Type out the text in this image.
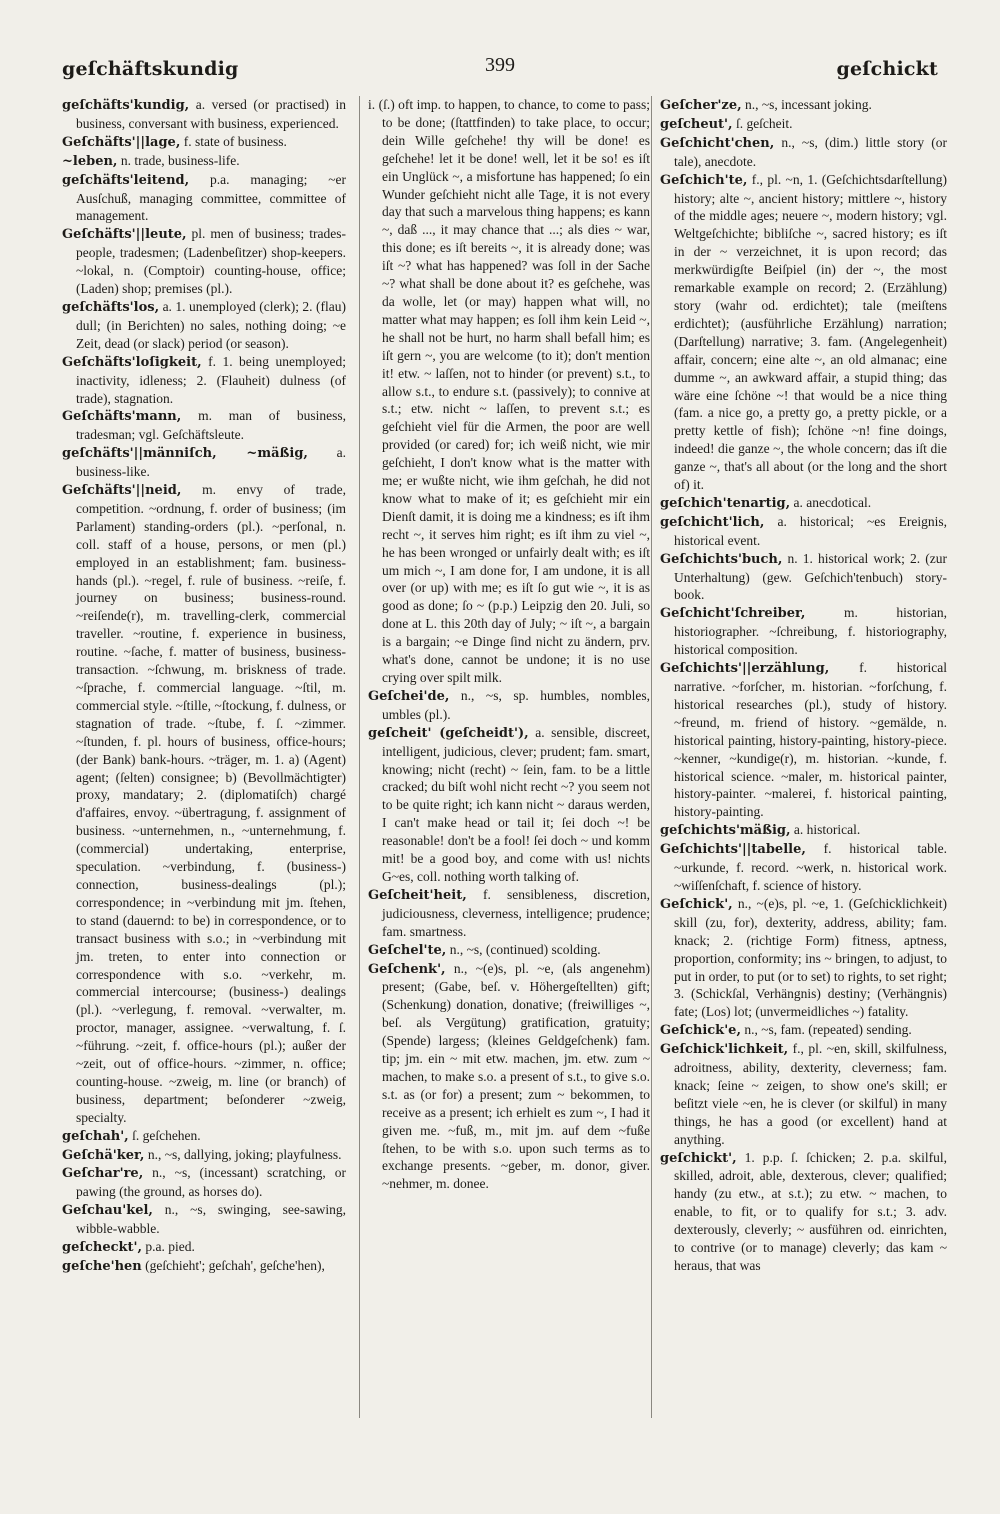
geſchäftskundig	399	geſchickt

geſchäfts'kundig, a. versed (or practised) in business, conversant with business, experienced.

Geſchäfts'||lage, f. state of business.

~leben, n. trade, business-life.

geſchäfts'leitend, p.a. managing; ~er Ausſchuß, managing committee, committee of management.

Geſchäfts'||leute, pl. men of business; trades-people, tradesmen; (Ladenbeſitzer) shop-keepers. ~lokal, n. (Comptoir) counting-house, office; (Laden) shop; premises (pl.).

geſchäfts'los, a. 1. unemployed (clerk); 2. (flau) dull; (in Berichten) no sales, nothing doing; ~e Zeit, dead (or slack) period (or season).

Geſchäfts'loſigkeit, f. 1. being unemployed; inactivity, idleness; 2. (Flauheit) dulness (of trade), stagnation.

Geſchäfts'mann, m. man of business, tradesman; vgl. Geſchäftsleute.

geſchäfts'||männiſch, ~mäßig, a. business-like.

Geſchäfts'||neid, m. envy of trade, competition. ~ordnung, f. order of business; (im Parlament) standing-orders (pl.). ~perſonal, n. coll. staff of a house, persons, or men (pl.) employed in an establishment; fam. business-hands (pl.). ~regel, f. rule of business. ~reiſe, f. journey on business; business-round. ~reiſende(r), m. travelling-clerk, commercial traveller. ~routine, f. experience in business, routine. ~ſache, f. matter of business, business-transaction. ~ſchwung, m. briskness of trade. ~ſprache, f. commercial language. ~ſtil, m. commercial style. ~ſtille, ~ſtockung, f. dulness, or stagnation of trade. ~ſtube, f. ſ. ~zimmer. ~ſtunden, f. pl. hours of business, office-hours; (der Bank) bank-hours. ~träger, m. 1. a) (Agent) agent; (ſelten) consignee; b) (Bevollmächtigter) proxy, mandatary; 2. (diplomatiſch) chargé d'affaires, envoy. ~übertragung, f. assignment of business. ~unternehmen, n., ~unternehmung, f. (commercial) undertaking, enterprise, speculation. ~verbindung, f. (business-) connection, business-dealings (pl.); correspondence; in ~verbindung mit jm. ſtehen, to stand (dauernd: to be) in correspondence, or to transact business with s.o.; in ~verbindung mit jm. treten, to enter into connection or correspondence with s.o. ~verkehr, m. commercial intercourse; (business-) dealings (pl.). ~verlegung, f. removal. ~verwalter, m. proctor, manager, assignee. ~verwaltung, f. ſ. ~führung. ~zeit, f. office-hours (pl.); außer der ~zeit, out of office-hours. ~zimmer, n. office; counting-house. ~zweig, m. line (or branch) of business, department; beſonderer ~zweig, specialty.

geſchah', ſ. geſchehen.

Geſchä'ker, n., ~s, dallying, joking; playfulness.

Geſchar're, n., ~s, (incessant) scratching, or pawing (the ground, as horses do).

Geſchau'kel, n., ~s, swinging, see-sawing, wibble-wabble.

geſcheckt', p.a. pied.

geſche'hen (geſchieht'; geſchah', geſche'hen),

i. (ſ.) oft imp. to happen, to chance, to come to pass; to be done; (ſtattfinden) to take place, to occur; dein Wille geſchehe! thy will be done! es geſchehe! let it be done! well, let it be so! es iſt ein Unglück ~, a misfortune has happened; ſo ein Wunder geſchieht nicht alle Tage, it is not every day that such a marvelous thing happens; es kann ~, daß ..., it may chance that ...; als dies ~ war, this done; es iſt bereits ~, it is already done; was iſt ~? what has happened? was ſoll in der Sache ~? what shall be done about it? es geſchehe, was da wolle, let (or may) happen what will, no matter what may happen; es ſoll ihm kein Leid ~, he shall not be hurt, no harm shall befall him; es iſt gern ~, you are welcome (to it); don't mention it! etw. ~ laſſen, not to hinder (or prevent) s.t., to allow s.t., to endure s.t. (passively); to connive at s.t.; etw. nicht ~ laſſen, to prevent s.t.; es geſchieht viel für die Armen, the poor are well provided (or cared) for; ich weiß nicht, wie mir geſchieht, I don't know what is the matter with me; er wußte nicht, wie ihm geſchah, he did not know what to make of it; es geſchieht mir ein Dienſt damit, it is doing me a kindness; es iſt ihm recht ~, it serves him right; es iſt ihm zu viel ~, he has been wronged or unfairly dealt with; es iſt um mich ~, I am done for, I am undone, it is all over (or up) with me; es iſt ſo gut wie ~, it is as good as done; ſo ~ (p.p.) Leipzig den 20. Juli, so done at L. this 20th day of July; ~ iſt ~, a bargain is a bargain; ~e Dinge ſind nicht zu ändern, prv. what's done, cannot be undone; it is no use crying over spilt milk.

Geſchei'de, n., ~s, sp. humbles, nombles, umbles (pl.).

geſcheit' (geſcheidt'), a. sensible, discreet, intelligent, judicious, clever; prudent; fam. smart, knowing; nicht (recht) ~ ſein, fam. to be a little cracked; du biſt wohl nicht recht ~? you seem not to be quite right; ich kann nicht ~ daraus werden, I can't make head or tail it; ſei doch ~! be reasonable! don't be a fool! ſei doch ~ und komm mit! be a good boy, and come with us! nichts G~es, coll. nothing worth talking of.

Geſcheit'heit, f. sensibleness, discretion, judiciousness, cleverness, intelligence; prudence; fam. smartness.

Geſchel'te, n., ~s, (continued) scolding.

Geſchenk', n., ~(e)s, pl. ~e, (als angenehm) present; (Gabe, beſ. v. Höhergeſtellten) gift; (Schenkung) donation, donative; (freiwilliges ~, beſ. als Vergütung) gratification, gratuity; (Spende) largess; (kleines Geldgeſchenk) fam. tip; jm. ein ~ mit etw. machen, jm. etw. zum ~ machen, to make s.o. a present of s.t., to give s.o. s.t. as (or for) a present; zum ~ bekommen, to receive as a present; ich erhielt es zum ~, I had it given me. ~fuß, m., mit jm. auf dem ~fuße ſtehen, to be with s.o. upon such terms as to exchange presents. ~geber, m. donor, giver. ~nehmer, m. donee.

Geſcher'ze, n., ~s, incessant joking.

geſcheut', ſ. geſcheit.

Geſchicht'chen, n., ~s, (dim.) little story (or tale), anecdote.

Geſchich'te, f., pl. ~n, 1. (Geſchichtsdarſtellung) history; alte ~, ancient history; mittlere ~, history of the middle ages; neuere ~, modern history; vgl. Weltgeſchichte; bibliſche ~, sacred history; es iſt in der ~ verzeichnet, it is upon record; das merkwürdigſte Beiſpiel (in) der ~, the most remarkable example on record; 2. (Erzählung) story (wahr od. erdichtet); tale (meiſtens erdichtet); (ausführliche Erzählung) narration; (Darſtellung) narrative; 3. fam. (Angelegenheit) affair, concern; eine alte ~, an old almanac; eine dumme ~, an awkward affair, a stupid thing; das wäre eine ſchöne ~! that would be a nice thing (fam. a nice go, a pretty go, a pretty pickle, or a pretty kettle of fish); ſchöne ~n! fine doings, indeed! die ganze ~, the whole concern; das iſt die ganze ~, that's all about (or the long and the short of) it.

geſchich'tenartig, a. anecdotical.

geſchicht'lich, a. historical; ~es Ereignis, historical event.

Geſchichts'buch, n. 1. historical work; 2. (zur Unterhaltung) (gew. Geſchich'tenbuch) story-book.

Geſchicht'ſchreiber, m. historian, historiographer. ~ſchreibung, f. historiography, historical composition.

Geſchichts'||erzählung, f. historical narrative. ~forſcher, m. historian. ~forſchung, f. historical researches (pl.), study of history. ~freund, m. friend of history. ~gemälde, n. historical painting, history-painting, history-piece. ~kenner, ~kundige(r), m. historian. ~kunde, f. historical science. ~maler, m. historical painter, history-painter. ~malerei, f. historical painting, history-painting.

geſchichts'mäßig, a. historical.

Geſchichts'||tabelle, f. historical table. ~urkunde, f. record. ~werk, n. historical work. ~wiſſenſchaft, f. science of history.

Geſchick', n., ~(e)s, pl. ~e, 1. (Geſchicklichkeit) skill (zu, for), dexterity, address, ability; fam. knack; 2. (richtige Form) fitness, aptness, proportion, conformity; ins ~ bringen, to adjust, to put in order, to put (or to set) to rights, to set right; 3. (Schickſal, Verhängnis) destiny; (Verhängnis) fate; (Los) lot; (unvermeidliches ~) fatality.

Geſchick'e, n., ~s, fam. (repeated) sending.

Geſchick'lichkeit, f., pl. ~en, skill, skilfulness, adroitness, ability, dexterity, cleverness; fam. knack; ſeine ~ zeigen, to show one's skill; er beſitzt viele ~en, he is clever (or skilful) in many things, he has a good (or excellent) hand at anything.

geſchickt', 1. p.p. ſ. ſchicken; 2. p.a. skilful, skilled, adroit, able, dexterous, clever; qualified; handy (zu etw., at s.t.); zu etw. ~ machen, to enable, to fit, or to qualify for s.t.; 3. adv. dexterously, cleverly; ~ ausführen od. einrichten, to contrive (or to manage) cleverly; das kam ~ heraus, that was
